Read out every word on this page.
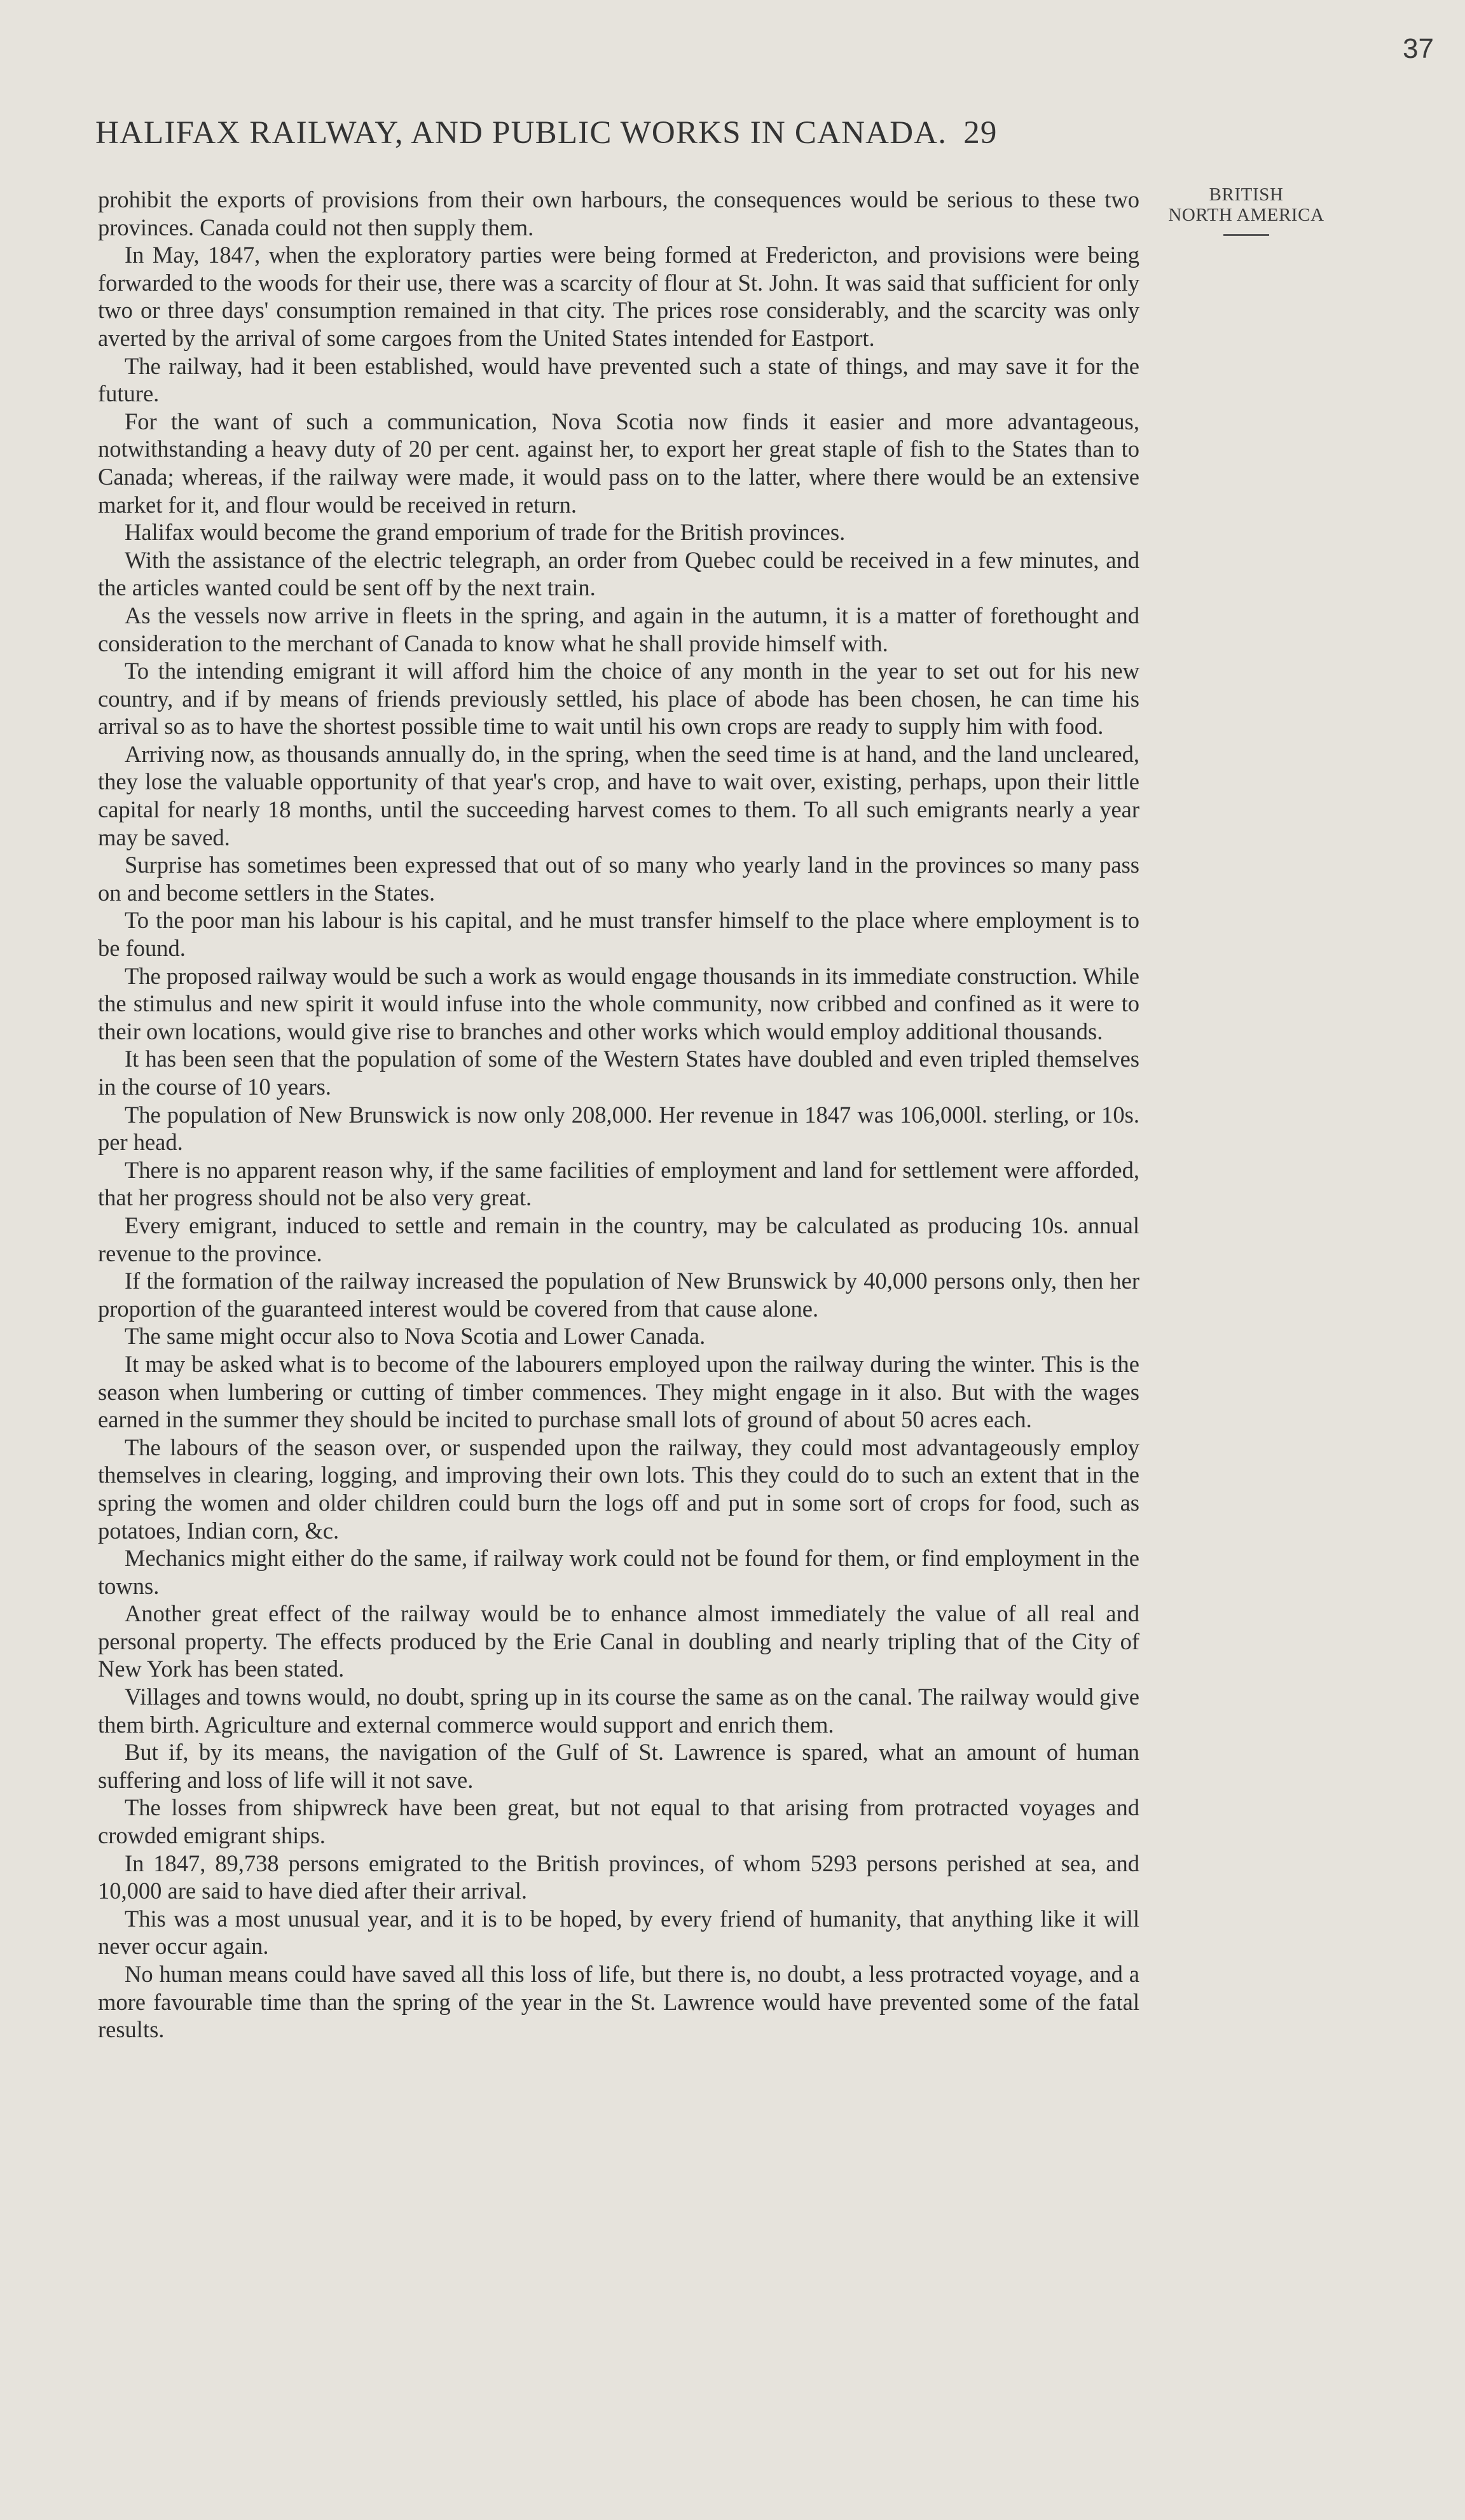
37
HALIFAX RAILWAY, AND PUBLIC WORKS IN CANADA. 29
BRITISH
NORTH AMERICA

prohibit the exports of provisions from their own harbours, the consequences would be serious to these two provinces. Canada could not then supply them.

In May, 1847, when the exploratory parties were being formed at Fredericton, and provisions were being forwarded to the woods for their use, there was a scarcity of flour at St. John. It was said that sufficient for only two or three days' consumption remained in that city. The prices rose considerably, and the scarcity was only averted by the arrival of some cargoes from the United States intended for Eastport.

The railway, had it been established, would have prevented such a state of things, and may save it for the future.

For the want of such a communication, Nova Scotia now finds it easier and more advantageous, notwithstanding a heavy duty of 20 per cent. against her, to export her great staple of fish to the States than to Canada; whereas, if the railway were made, it would pass on to the latter, where there would be an extensive market for it, and flour would be received in return.

Halifax would become the grand emporium of trade for the British provinces.

With the assistance of the electric telegraph, an order from Quebec could be received in a few minutes, and the articles wanted could be sent off by the next train.

As the vessels now arrive in fleets in the spring, and again in the autumn, it is a matter of forethought and consideration to the merchant of Canada to know what he shall provide himself with.

To the intending emigrant it will afford him the choice of any month in the year to set out for his new country, and if by means of friends previously settled, his place of abode has been chosen, he can time his arrival so as to have the shortest possible time to wait until his own crops are ready to supply him with food.

Arriving now, as thousands annually do, in the spring, when the seed time is at hand, and the land uncleared, they lose the valuable opportunity of that year's crop, and have to wait over, existing, perhaps, upon their little capital for nearly 18 months, until the succeeding harvest comes to them. To all such emigrants nearly a year may be saved.

Surprise has sometimes been expressed that out of so many who yearly land in the provinces so many pass on and become settlers in the States.

To the poor man his labour is his capital, and he must transfer himself to the place where employment is to be found.

The proposed railway would be such a work as would engage thousands in its immediate construction. While the stimulus and new spirit it would infuse into the whole community, now cribbed and confined as it were to their own locations, would give rise to branches and other works which would employ additional thousands.

It has been seen that the population of some of the Western States have doubled and even tripled themselves in the course of 10 years.

The population of New Brunswick is now only 208,000. Her revenue in 1847 was 106,000l. sterling, or 10s. per head.

There is no apparent reason why, if the same facilities of employment and land for settlement were afforded, that her progress should not be also very great.

Every emigrant, induced to settle and remain in the country, may be calculated as producing 10s. annual revenue to the province.

If the formation of the railway increased the population of New Brunswick by 40,000 persons only, then her proportion of the guaranteed interest would be covered from that cause alone.

The same might occur also to Nova Scotia and Lower Canada.

It may be asked what is to become of the labourers employed upon the railway during the winter. This is the season when lumbering or cutting of timber commences. They might engage in it also. But with the wages earned in the summer they should be incited to purchase small lots of ground of about 50 acres each.

The labours of the season over, or suspended upon the railway, they could most advantageously employ themselves in clearing, logging, and improving their own lots. This they could do to such an extent that in the spring the women and older children could burn the logs off and put in some sort of crops for food, such as potatoes, Indian corn, &c.

Mechanics might either do the same, if railway work could not be found for them, or find employment in the towns.

Another great effect of the railway would be to enhance almost immediately the value of all real and personal property. The effects produced by the Erie Canal in doubling and nearly tripling that of the City of New York has been stated.

Villages and towns would, no doubt, spring up in its course the same as on the canal. The railway would give them birth. Agriculture and external commerce would support and enrich them.

But if, by its means, the navigation of the Gulf of St. Lawrence is spared, what an amount of human suffering and loss of life will it not save.

The losses from shipwreck have been great, but not equal to that arising from protracted voyages and crowded emigrant ships.

In 1847, 89,738 persons emigrated to the British provinces, of whom 5293 persons perished at sea, and 10,000 are said to have died after their arrival.

This was a most unusual year, and it is to be hoped, by every friend of humanity, that anything like it will never occur again.

No human means could have saved all this loss of life, but there is, no doubt, a less protracted voyage, and a more favourable time than the spring of the year in the St. Lawrence would have prevented some of the fatal results.
